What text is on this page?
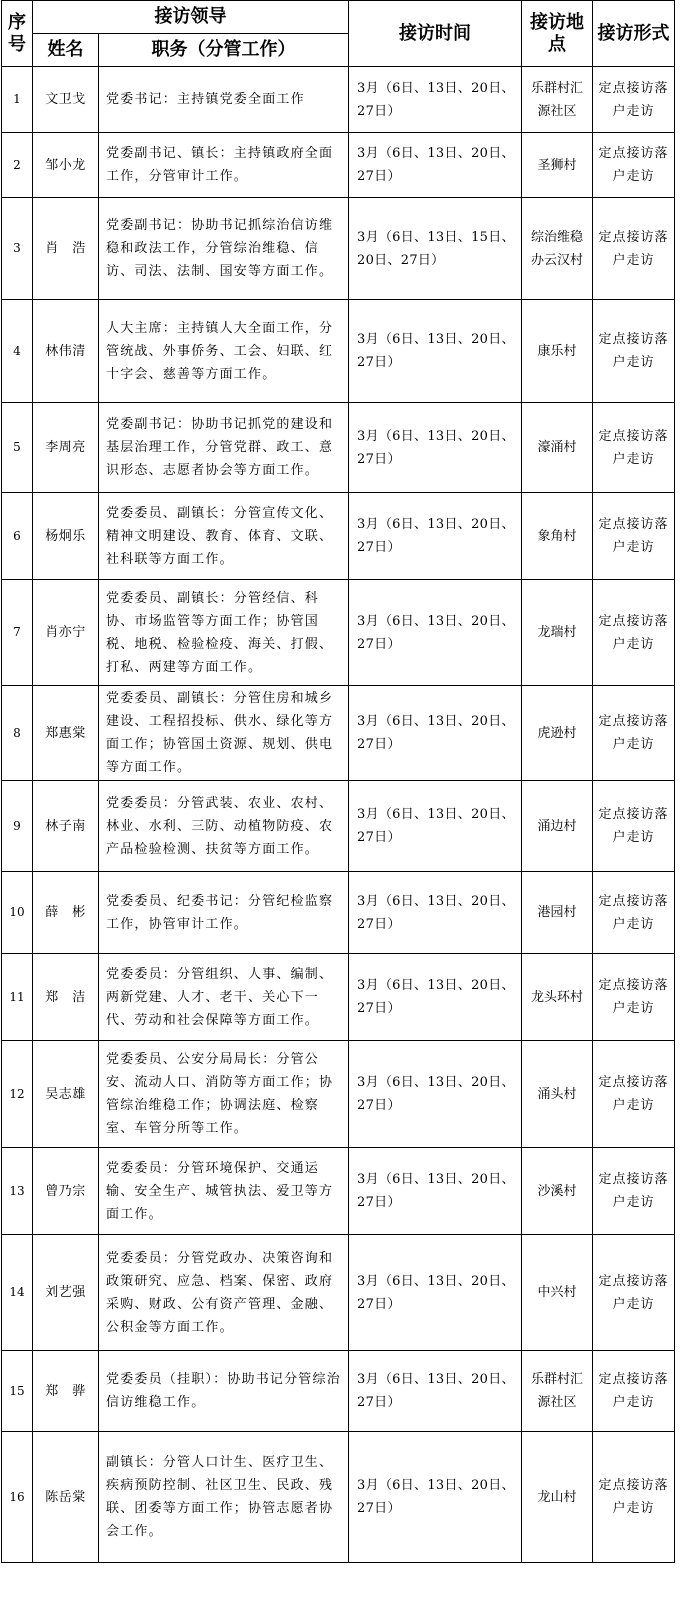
序号	接访领导		接访时间	接访地点	接访形式
	姓名	职务（分管工作）			
1	文卫戈	党委书记：主持镇党委全面工作	3月（6日、13日、20日、27日）	乐群村汇源社区	定点接访落户走访
2	邹小龙	党委副书记、镇长：主持镇政府全面工作，分管审计工作。	3月（6日、13日、20日、27日）	圣狮村	定点接访落户走访
3	肖　浩	党委副书记：协助书记抓综治信访维稳和政法工作，分管综治维稳、信访、司法、法制、国安等方面工作。	3月（6日、13日、15日、20日、27日）	综治维稳办云汉村	定点接访落户走访
4	林伟清	人大主席：主持镇人大全面工作，分管统战、外事侨务、工会、妇联、红十字会、慈善等方面工作。	3月（6日、13日、20日、27日）	康乐村	定点接访落户走访
5	李周亮	党委副书记：协助书记抓党的建设和基层治理工作，分管党群、政工、意识形态、志愿者协会等方面工作。	3月（6日、13日、20日、27日）	濠涌村	定点接访落户走访
6	杨炯乐	党委委员、副镇长：分管宣传文化、精神文明建设、教育、体育、文联、社科联等方面工作。	3月（6日、13日、20日、27日）	象角村	定点接访落户走访
7	肖亦宁	党委委员、副镇长：分管经信、科协、市场监管等方面工作；协管国税、地税、检验检疫、海关、打假、打私、两建等方面工作。	3月（6日、13日、20日、27日）	龙瑞村	定点接访落户走访
8	郑惠棠	党委委员、副镇长：分管住房和城乡建设、工程招投标、供水、绿化等方面工作；协管国土资源、规划、供电等方面工作。	3月（6日、13日、20日、27日）	虎逊村	定点接访落户走访
9	林子南	党委委员：分管武装、农业、农村、林业、水利、三防、动植物防疫、农产品检验检测、扶贫等方面工作。	3月（6日、13日、20日、27日）	涌边村	定点接访落户走访
10	薛　彬	党委委员、纪委书记：分管纪检监察工作，协管审计工作。	3月（6日、13日、20日、27日）	港园村	定点接访落户走访
11	郑　洁	党委委员：分管组织、人事、编制、两新党建、人才、老干、关心下一代、劳动和社会保障等方面工作。	3月（6日、13日、20日、27日）	龙头环村	定点接访落户走访
12	吴志雄	党委委员、公安分局局长：分管公安、流动人口、消防等方面工作；协管综治维稳工作；协调法庭、检察室、车管分所等工作。	3月（6日、13日、20日、27日）	涌头村	定点接访落户走访
13	曾乃宗	党委委员：分管环境保护、交通运输、安全生产、城管执法、爱卫等方面工作。	3月（6日、13日、20日、27日）	沙溪村	定点接访落户走访
14	刘艺强	党委委员：分管党政办、决策咨询和政策研究、应急、档案、保密、政府采购、财政、公有资产管理、金融、公积金等方面工作。	3月（6日、13日、20日、27日）	中兴村	定点接访落户走访
15	郑　骅	党委委员（挂职）：协助书记分管综治信访维稳工作。	3月（6日、13日、20日、27日）	乐群村汇源社区	定点接访落户走访
16	陈岳棠	副镇长：分管人口计生、医疗卫生、疾病预防控制、社区卫生、民政、残联、团委等方面工作；协管志愿者协会工作。	3月（6日、13日、20日、27日）	龙山村	定点接访落户走访
